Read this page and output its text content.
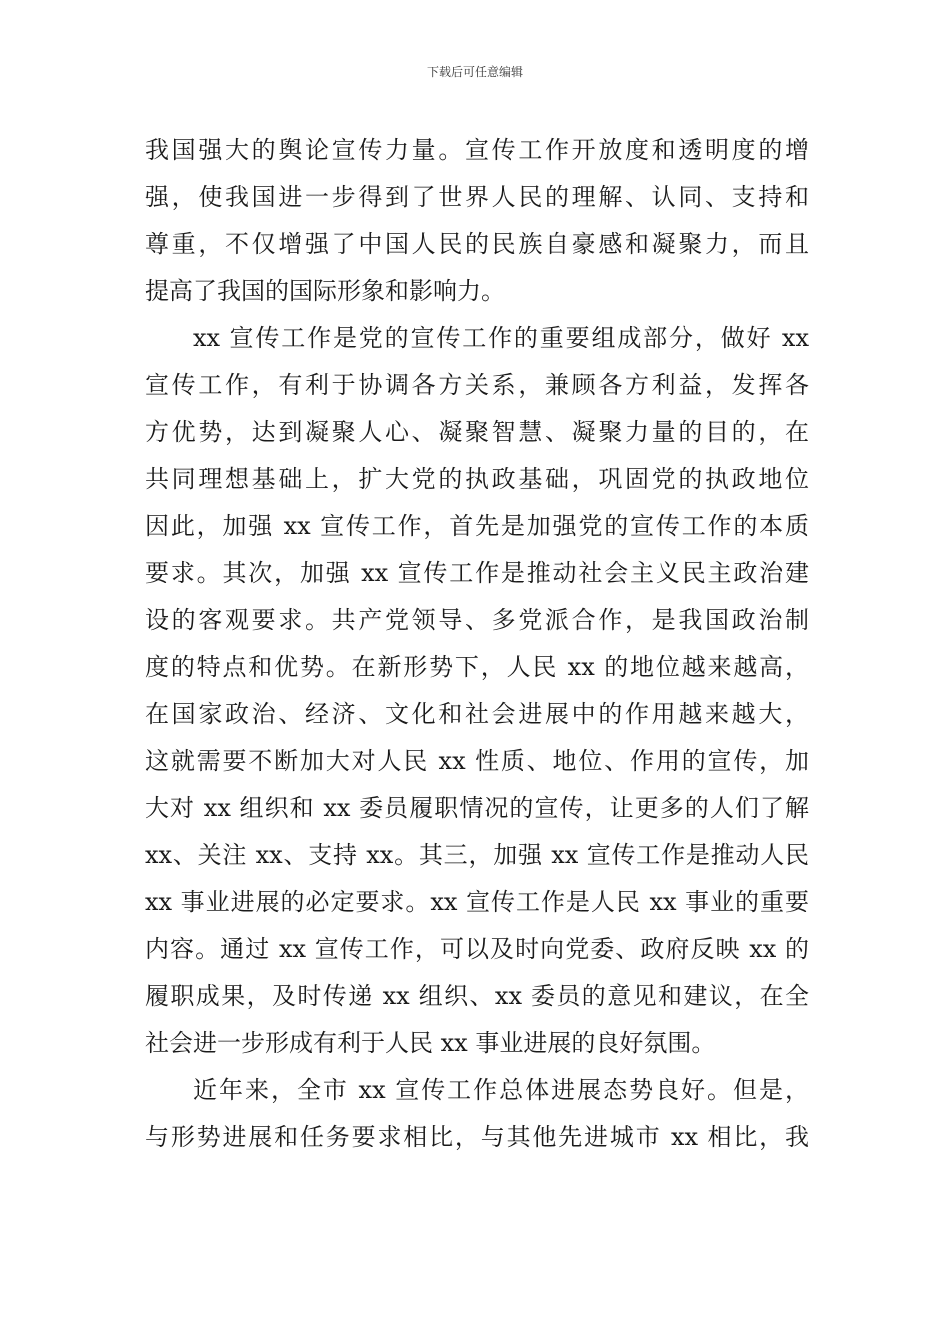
下载后可任意编辑
我国强大的舆论宣传力量。宣传工作开放度和透明度的增
强，使我国进一步得到了世界人民的理解、认同、支持和
尊重，不仅增强了中国人民的民族自豪感和凝聚力，而且
提高了我国的国际形象和影响力。
xx 宣传工作是党的宣传工作的重要组成部分，做好 xx
宣传工作，有利于协调各方关系，兼顾各方利益，发挥各
方优势，达到凝聚人心、凝聚智慧、凝聚力量的目的，在
共同理想基础上，扩大党的执政基础，巩固党的执政地位
因此，加强 xx 宣传工作，首先是加强党的宣传工作的本质
要求。其次，加强 xx 宣传工作是推动社会主义民主政治建
设的客观要求。共产党领导、多党派合作，是我国政治制
度的特点和优势。在新形势下，人民 xx 的地位越来越高，
在国家政治、经济、文化和社会进展中的作用越来越大，
这就需要不断加大对人民 xx 性质、地位、作用的宣传，加
大对 xx 组织和 xx 委员履职情况的宣传，让更多的人们了解
xx、关注 xx、支持 xx。其三，加强 xx 宣传工作是推动人民
xx 事业进展的必定要求。xx 宣传工作是人民 xx 事业的重要
内容。通过 xx 宣传工作，可以及时向党委、政府反映 xx 的
履职成果，及时传递 xx 组织、xx 委员的意见和建议，在全
社会进一步形成有利于人民 xx 事业进展的良好氛围。
近年来，全市 xx 宣传工作总体进展态势良好。但是，
与形势进展和任务要求相比，与其他先进城市 xx 相比，我
